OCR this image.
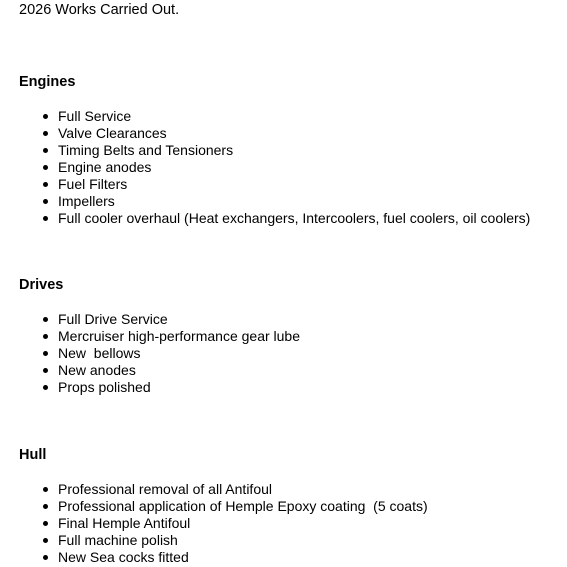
2026 Works Carried Out.
Engines
Full Service
Valve Clearances
Timing Belts and Tensioners
Engine anodes
Fuel Filters
Impellers
Full cooler overhaul (Heat exchangers, Intercoolers, fuel coolers, oil coolers)
Drives
Full Drive Service
Mercruiser high-performance gear lube
New  bellows
New anodes
Props polished
Hull
Professional removal of all Antifoul
Professional application of Hemple Epoxy coating  (5 coats)
Final Hemple Antifoul
Full machine polish
New Sea cocks fitted
